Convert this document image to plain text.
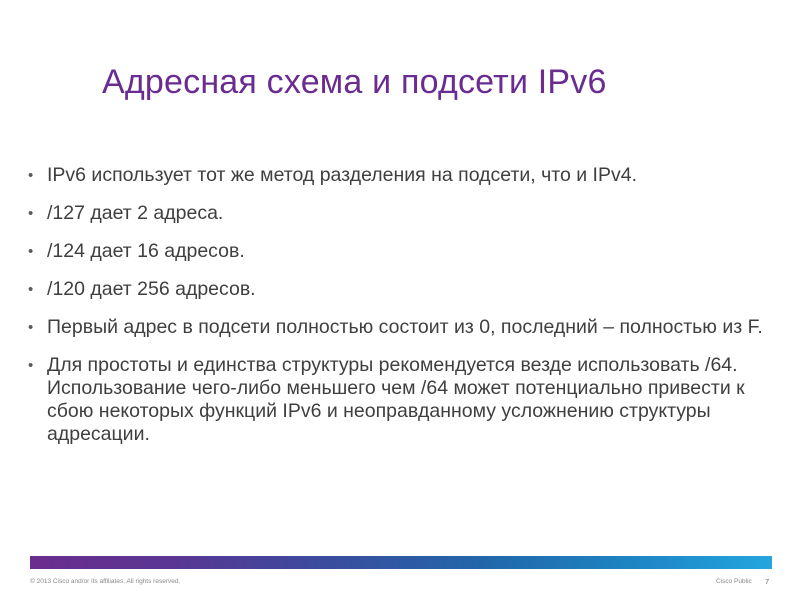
Адресная схема и подсети IPv6
• IPv6 использует тот же метод разделения на подсети, что и IPv4.
• /127 дает 2 адреса.
• /124 дает 16 адресов.
• /120 дает 256 адресов.
• Первый адрес в подсети полностью состоит из 0, последний – полностью из F.
• Для простоты и единства структуры рекомендуется везде использовать /64. Использование чего-либо меньшего чем /64 может потенциально привести к сбою некоторых функций IPv6 и неоправданному усложнению структуры адресации.

© 2013 Cisco and/or its affiliates. All rights reserved.	Cisco Public 7
